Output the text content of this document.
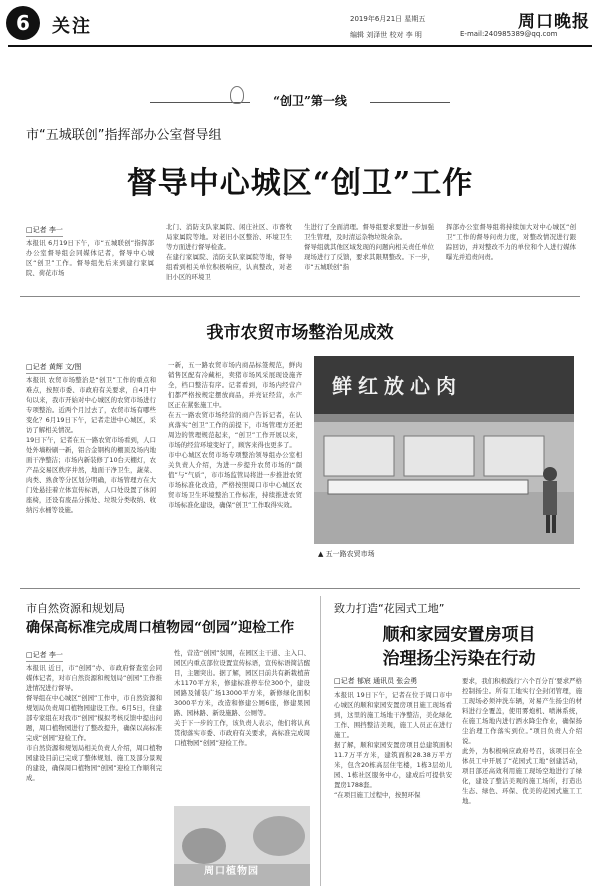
6	关注	2019年6月21日 星期五	周口晚报
编辑 刘泽世 校对 李 明	E-mail:240985389@qq.com
“创卫”第一线
市“五城联创”指挥部办公室督导组
督导中心城区“创卫”工作
□记者 李一
本报讯 6月19日下午，市“五城联创”指挥部办公室督导组会同媒体记者，督导中心城区“创卫”工作。督导组先后来到建行家属院、荷花市场
北门、消防支队家属院、闲庄社区、市畜牧局家属院等地。对老旧小区整治、环境卫生等方面进行督导检查。
在建行家属院、消防支队家属院等地，督导组看到相关单位积极响应，认真整改，对老旧小区的环境卫
生进行了全面清理。督导组要求要进一步加强卫生管理，及时清运杂物垃圾余杂。
督导组就其他区域发现的问题向相关责任单位现场进行了反馈，要求其限期整改。下一步，市“五城联创”指
挥部办公室督导组将持续加大对中心城区“创卫”工作的督导问责力度，对整改情况进行跟踪回访，并对整改不力的单位和个人进行媒体曝光并追责问责。
我市农贸市场整治见成效
□记者 黄辉 文/图
本报讯 农贸市场整治是“创卫”工作的重点和难点，按照市委、市政府有关要求，自4月中旬以来，我市开始对中心城区的农贸市场进行专项整治。近两个月过去了，农贸市场有哪些变化？6月19日下午，记者走进中心城区，采访了解相关情况。
19日下午，记者在五一路农贸市场看到，人口处外墙粉刷一新，铝合金钢构的棚顶及场内地面干净整洁；市场内新装修了10台天棚灯，农产品交易区秩序井然，地面干净卫生，蔬菜、肉类、熟食等分区划分明确，市场管理方在大门处悬挂着立体宣传标语，人口处设置了休闲座椅，还设有废品分拣处、垃圾分类收纳、收纳污水桶等设施。
一新，五一路农贸市场内商品标签规范，鲜肉销售区配有冷藏柜，卖猪市场风采展现设施齐全，档口整洁有序。记者看到，市场内经营户们都严格按规定摆放商品，并亮证经营，水产区正在紧张施工中。
在五一路农贸市场经营的商户告诉记者，在认真落实“创卫”工作的前提下，市场管理方还把周边的管理规范起来，“创卫”工作开展以来，市场的经营环境变好了，顾客来得也更多了。
市中心城区农贸市场专项整治领导组办公室相关负责人介绍，为进一步提升农贸市场的“颜值”与“气质”，市市场监管局将进一步推进农贸市场标准化改造，严格按照周口市中心城区农贸市场卫生环境整治工作标准，持续推进农贸市场标准化建设，确保“创卫”工作取得实效。
鲜红放心肉
▲ 五一路农贸市场
市自然资源和规划局
确保高标准完成周口植物园“创园”迎检工作
□记者 李一
本报讯 近日，市“创园”办、市政府督查室会同媒体记者，对市自然资源和规划局“创园”工作推进情况进行督导。
督导组在中心城区“创园”工作中，市自然资源和规划局负责周口植物园建设工作。6月5日，住建部专家组在对我市“创园”模拟考核反馈中提出问题，周口植物园进行了整改提升，确保以高标准完成“创园”迎检工作。
市自然资源和规划局相关负责人介绍，周口植物园建设目前已完成了整体规划、施工及部分景观的建设，确保周口植物园“创园”迎检工作顺利完成。
性，营造“创园”氛围，在园区主干道、主入口、园区内重点部位设置宣传标语，宣传标语简洁醒目，主题突出。据了解，园区目前共有新栽植苗木1170平方米，修建标准停车位300个，建设园路及铺装广场13000平方米，新修绿化面积3000平方米，改造和修建公厕6座，修建果园路、园林路、新设施路、公厕等。
关于下一步的工作，该负责人表示，他们将认真贯彻落实市委、市政府有关要求，高标准完成周口植物园“创园”迎检工作。
周口植物园
致力打造“花园式工地”
顺和家园安置房项目
治理扬尘污染在行动
□记者 郁宸 通讯员 张会勇
本报讯 19日下午，记者在位于周口市中心城区的顺和家园安置房项目施工现场看到，这里的施工场地干净整洁，美化绿化工作、围挡整洁美观，施工人员正在进行施工。
据了解，顺和家园安置房项目总建筑面积11.7万平方米，建筑面积28.38万平方米，包含20栋高层住宅楼，1栋3层幼儿园、1栋社区服务中心，建成后可提供安置房1788套。
“在项目施工过程中，按照环保
要求，我们积极践行‘六个百分百’要求严格控制扬尘。所有工地实行全封闭管理，施工现场必须冲洗车辆，对易产生扬尘的材料进行全覆盖，使用雾炮机、喷淋系统，在施工场地内进行洒水降尘作业，确保扬尘治理工作落实到位。”项目负责人介绍说。
此外，为积极响应政府号召，该项目在全体员工中开展了“花园式工地”创建活动，项目部还高效利用施工现场空地进行了绿化，建设了整洁美观的施工场所，打造出生态、绿色、环保、优美的花园式施工工地。
